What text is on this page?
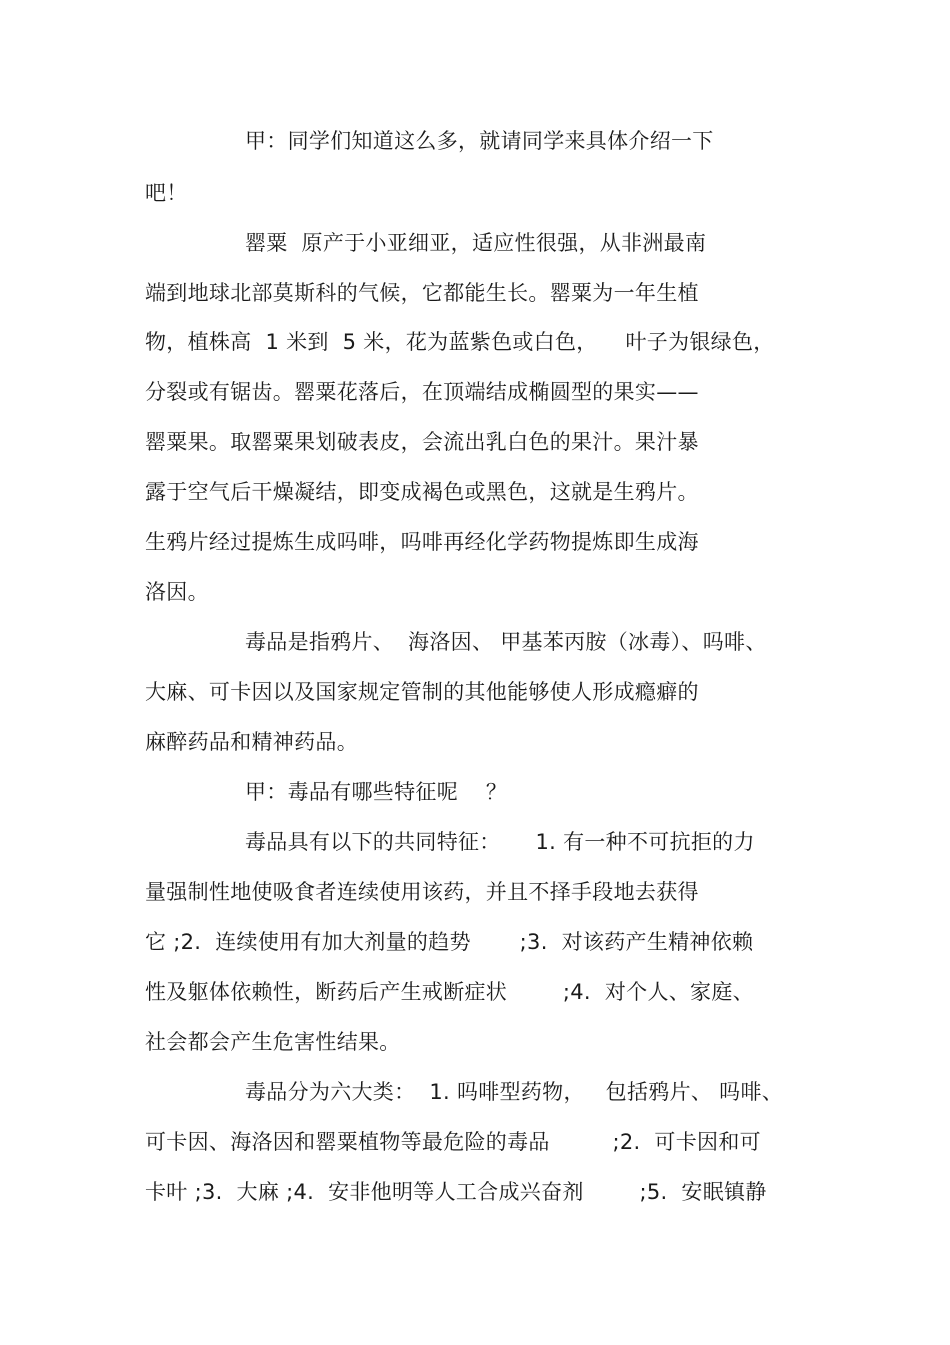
甲：同学们知道这么多，就请同学来具体介绍一下
吧！
罂粟  原产于小亚细亚，适应性很强，从非洲最南
端到地球北部莫斯科的气候，它都能生长。罂粟为一年生植
物，植株高  1 米到  5 米，花为蓝紫色或白色，    叶子为银绿色，
分裂或有锯齿。罂粟花落后，在顶端结成椭圆型的果实——
罂粟果。取罂粟果划破表皮，会流出乳白色的果汁。果汁暴
露于空气后干燥凝结，即变成褐色或黑色，这就是生鸦片。
生鸦片经过提炼生成吗啡，吗啡再经化学药物提炼即生成海
洛因。
毒品是指鸦片、  海洛因、 甲基苯丙胺（冰毒）、吗啡、
大麻、可卡因以及国家规定管制的其他能够使人形成瘾癖的
麻醉药品和精神药品。
甲：毒品有哪些特征呢    ？
毒品具有以下的共同特征：     1. 有一种不可抗拒的力
量强制性地使吸食者连续使用该药，并且不择手段地去获得
它 ;2.  连续使用有加大剂量的趋势       ;3.  对该药产生精神依赖
性及躯体依赖性，断药后产生戒断症状        ;4.  对个人、家庭、
社会都会产生危害性结果。
毒品分为六大类：  1. 吗啡型药物，   包括鸦片、 吗啡、
可卡因、海洛因和罂粟植物等最危险的毒品         ;2.  可卡因和可
卡叶 ;3.  大麻 ;4.  安非他明等人工合成兴奋剂        ;5.  安眠镇静
